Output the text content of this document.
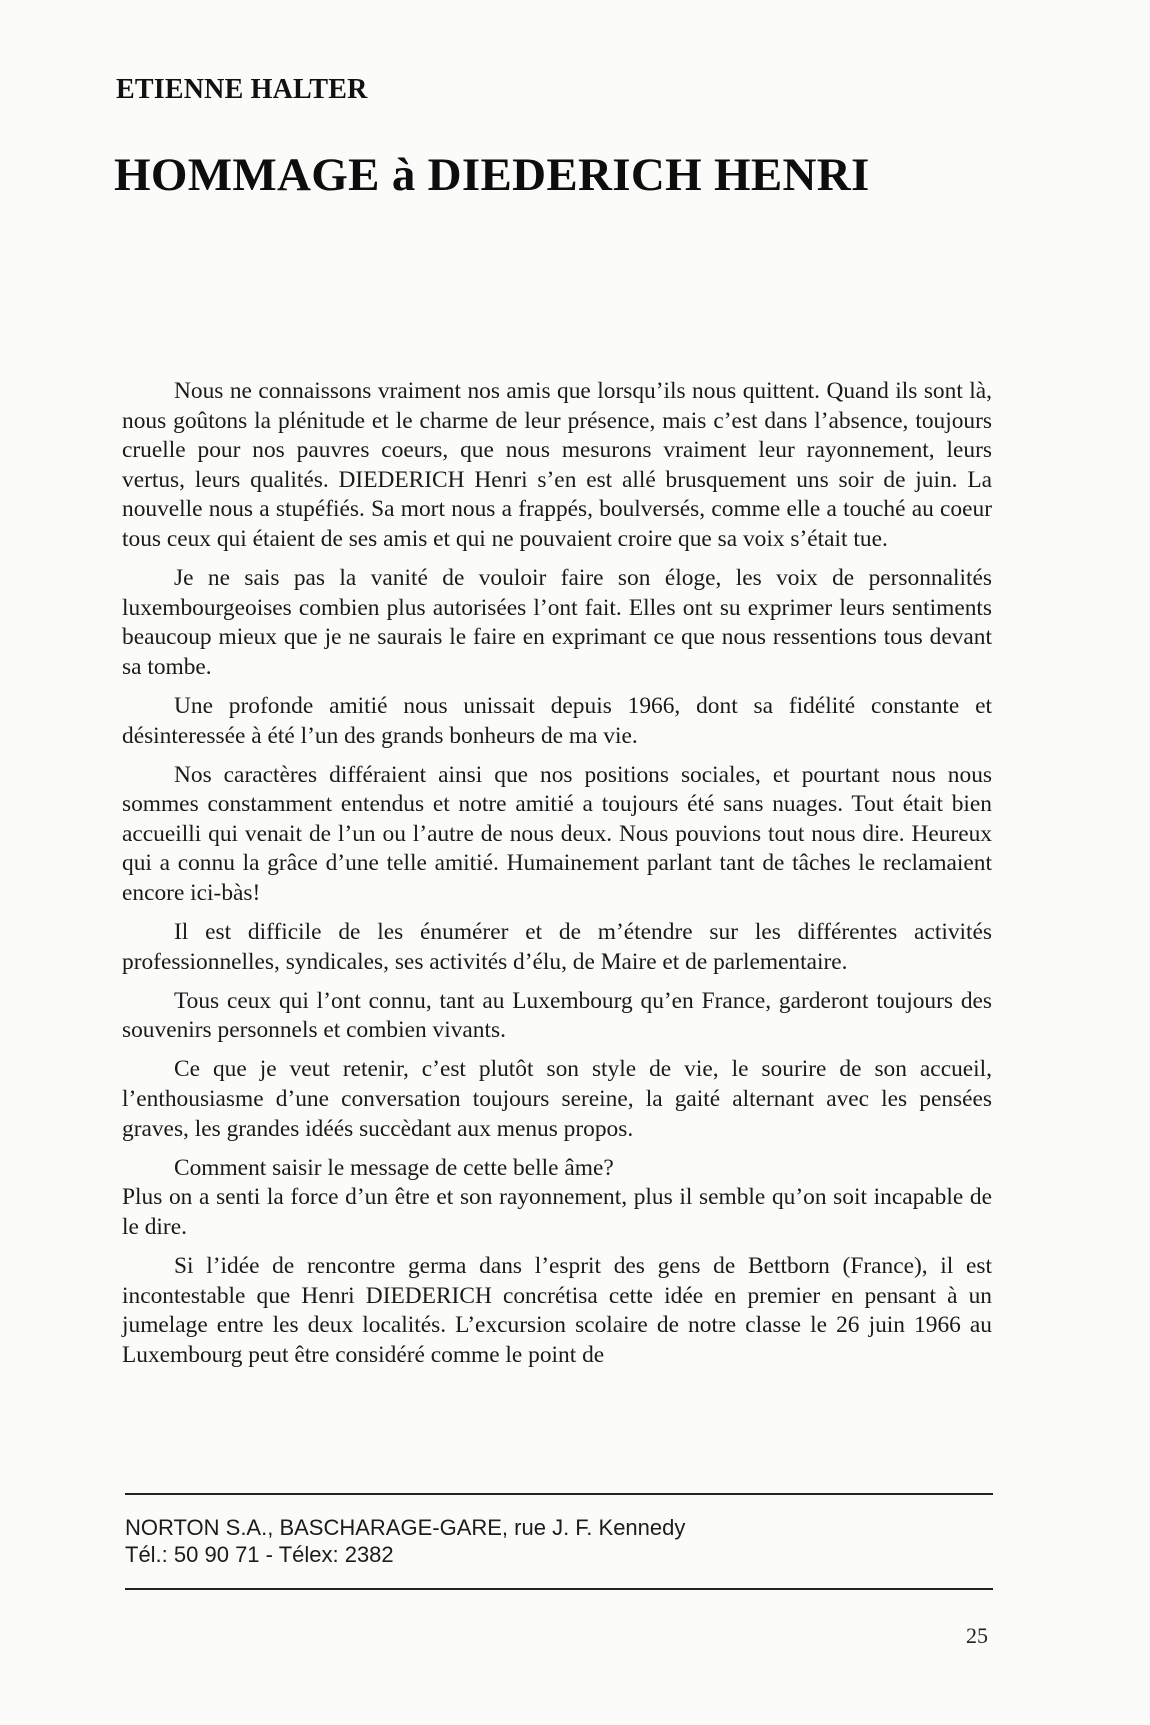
ETIENNE HALTER
HOMMAGE à DIEDERICH HENRI

Nous ne connaissons vraiment nos amis que lorsqu’ils nous quittent. Quand ils sont là, nous goûtons la plénitude et le charme de leur présence, mais c’est dans l’absence, toujours cruelle pour nos pauvres coeurs, que nous mesurons vraiment leur rayonnement, leurs vertus, leurs qualités. DIEDERICH Henri s’en est allé brusquement uns soir de juin. La nouvelle nous a stupéfiés. Sa mort nous a frappés, boulversés, comme elle a touché au coeur tous ceux qui étaient de ses amis et qui ne pouvaient croire que sa voix s’était tue.

Je ne sais pas la vanité de vouloir faire son éloge, les voix de personnalités luxembourgeoises combien plus autorisées l’ont fait. Elles ont su exprimer leurs sentiments beaucoup mieux que je ne saurais le faire en exprimant ce que nous ressentions tous devant sa tombe.

Une profonde amitié nous unissait depuis 1966, dont sa fidélité constante et désinteressée à été l’un des grands bonheurs de ma vie.

Nos caractères différaient ainsi que nos positions sociales, et pourtant nous nous sommes constamment entendus et notre amitié a toujours été sans nuages. Tout était bien accueilli qui venait de l’un ou l’autre de nous deux. Nous pouvions tout nous dire. Heureux qui a connu la grâce d’une telle amitié. Humainement parlant tant de tâches le reclamaient encore ici-bàs!

Il est difficile de les énumérer et de m’étendre sur les différentes activités professionnelles, syndicales, ses activités d’élu, de Maire et de parlementaire.

Tous ceux qui l’ont connu, tant au Luxembourg qu’en France, garderont toujours des souvenirs personnels et combien vivants.

Ce que je veut retenir, c’est plutôt son style de vie, le sourire de son accueil, l’enthousiasme d’une conversation toujours sereine, la gaité alternant avec les pensées graves, les grandes idéés succèdant aux menus propos.

Comment saisir le message de cette belle âme?

Plus on a senti la force d’un être et son rayonnement, plus il semble qu’on soit incapable de le dire.

Si l’idée de rencontre germa dans l’esprit des gens de Bettborn (France), il est incontestable que Henri DIEDERICH concrétisa cette idée en premier en pensant à un jumelage entre les deux localités. L’excursion scolaire de notre classe le 26 juin 1966 au Luxembourg peut être considéré comme le point de

NORTON S.A., BASCHARAGE-GARE, rue J. F. Kennedy
Tél.: 50 90 71 - Télex: 2382
25
